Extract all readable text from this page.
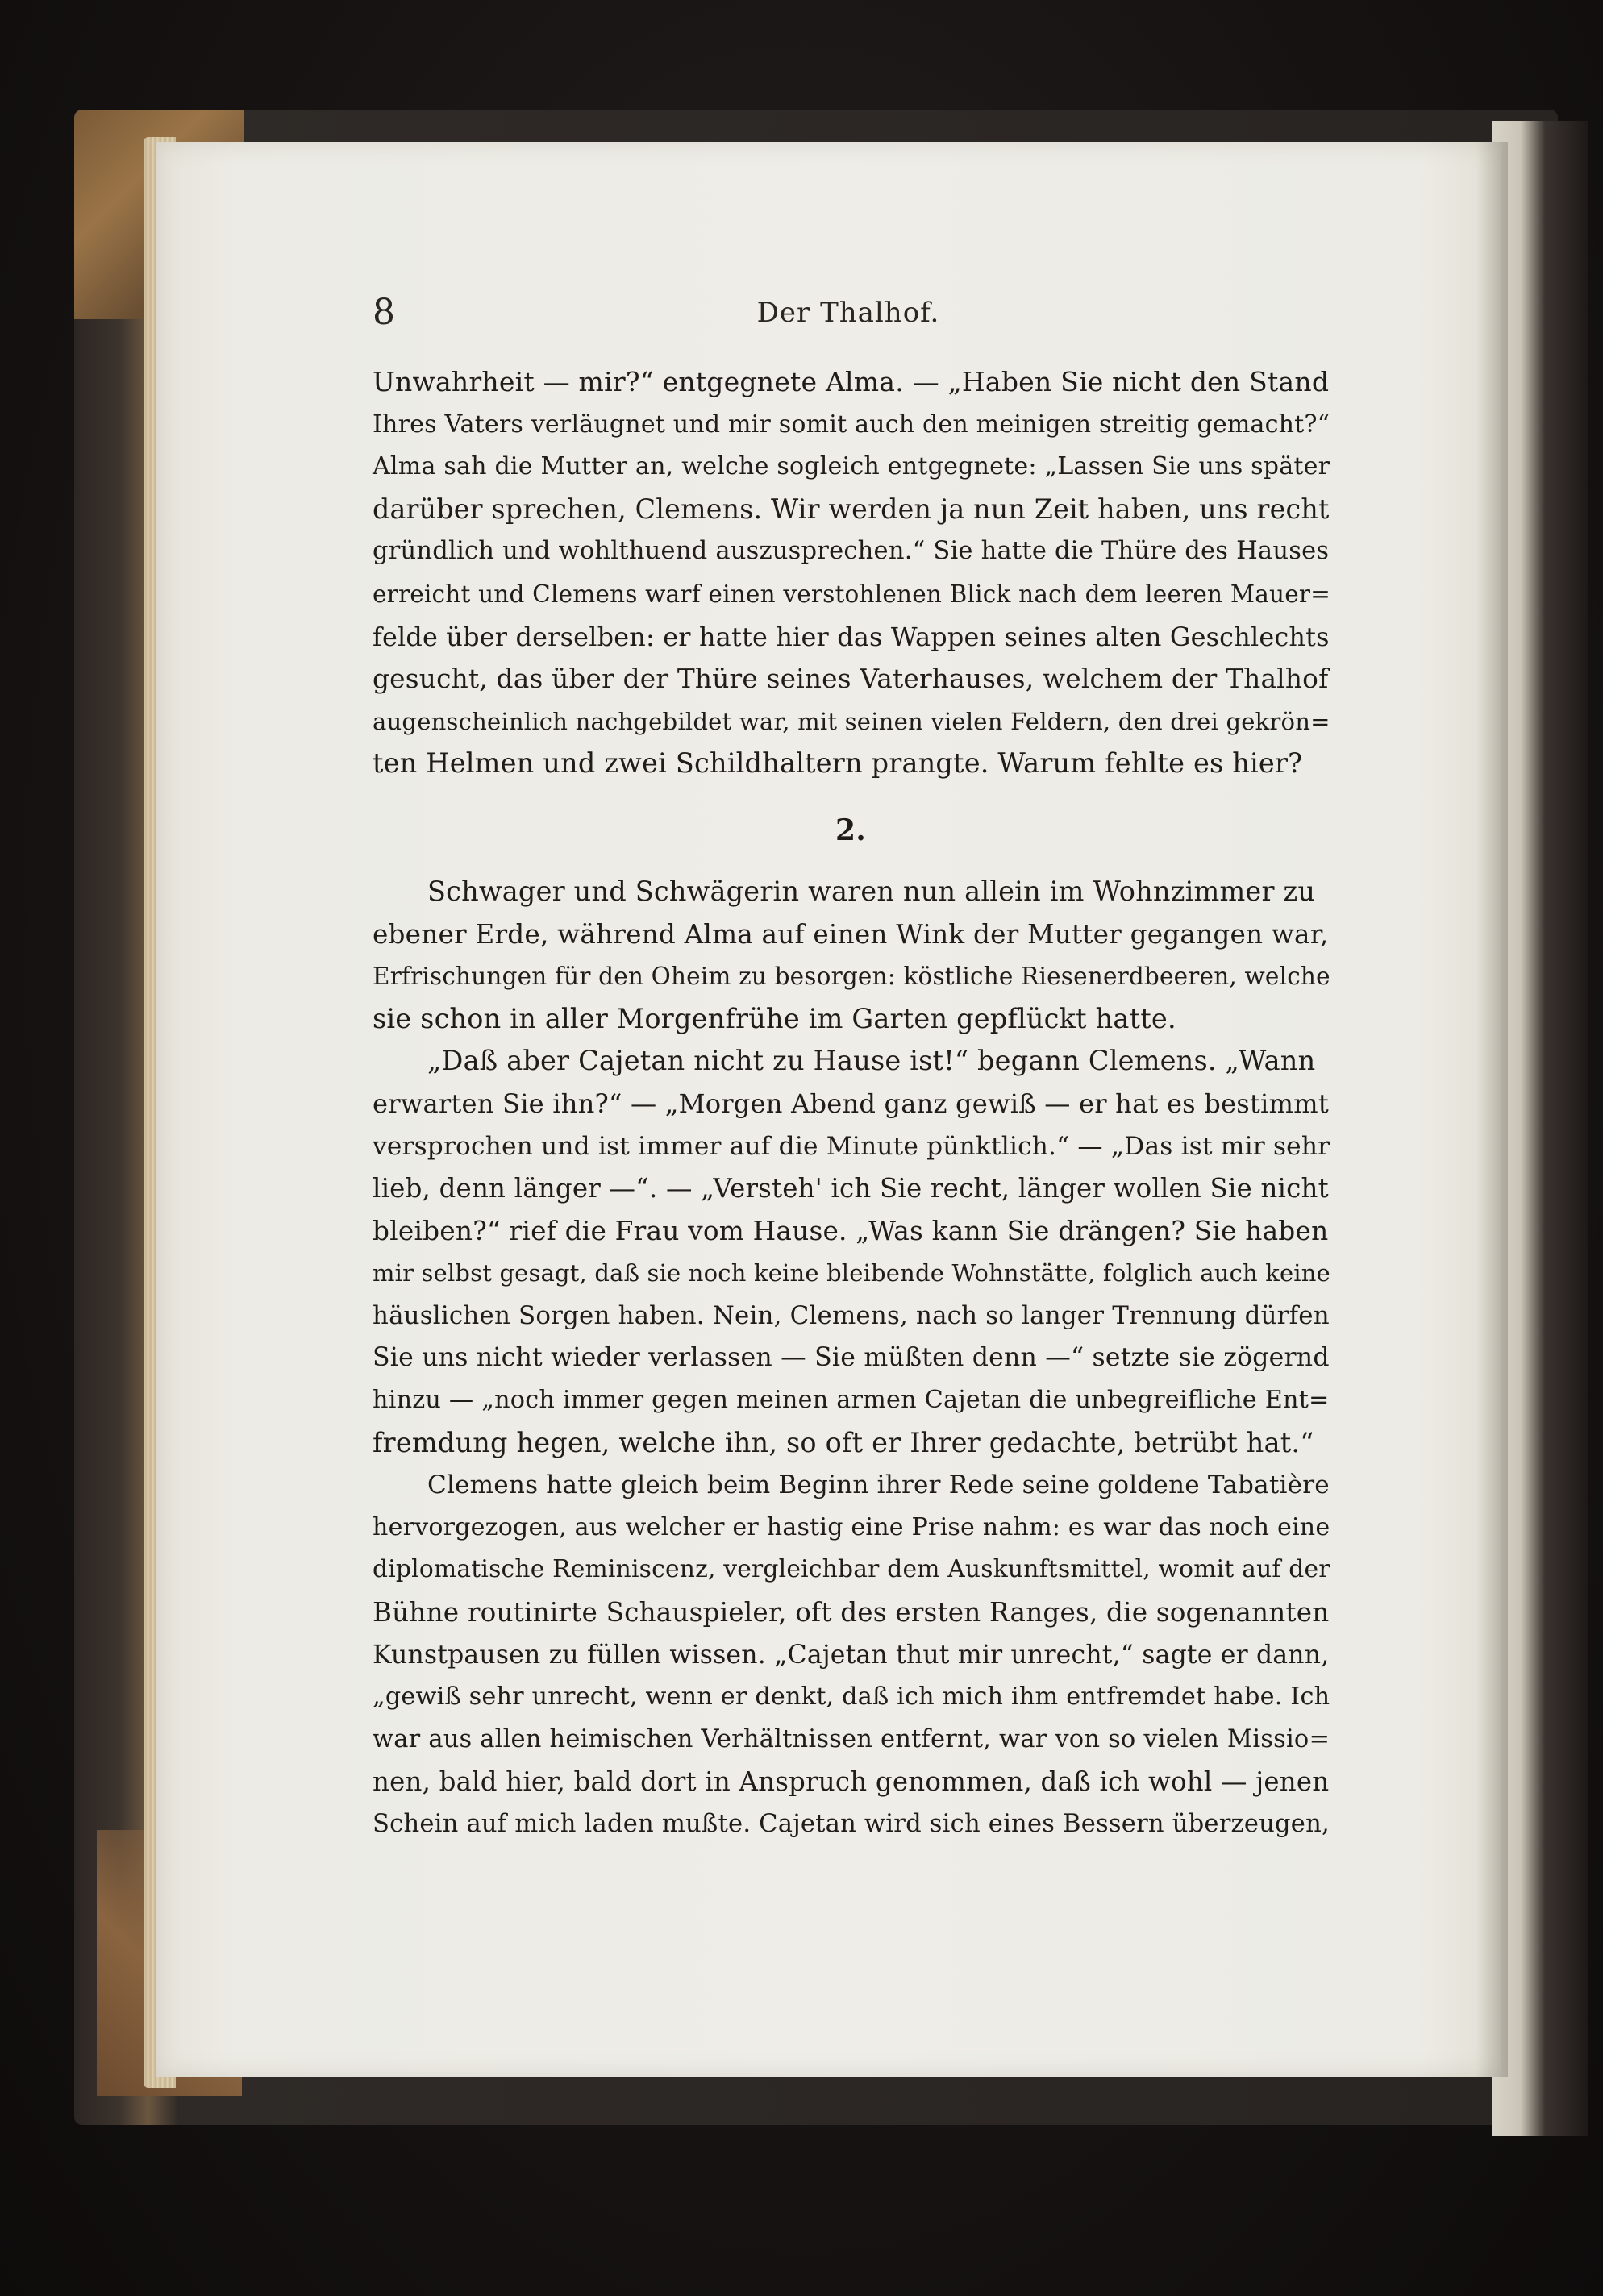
8	Der Thalhof.
Unwahrheit — mir?“ entgegnete Alma. — „Haben Sie nicht den Stand
Ihres Vaters verläugnet und mir somit auch den meinigen streitig gemacht?“
Alma sah die Mutter an, welche sogleich entgegnete: „Lassen Sie uns später
darüber sprechen, Clemens. Wir werden ja nun Zeit haben, uns recht
gründlich und wohlthuend auszusprechen.“ Sie hatte die Thüre des Hauses
erreicht und Clemens warf einen verstohlenen Blick nach dem leeren Mauer=
felde über derselben: er hatte hier das Wappen seines alten Geschlechts
gesucht, das über der Thüre seines Vaterhauses, welchem der Thalhof
augenscheinlich nachgebildet war, mit seinen vielen Feldern, den drei gekrön=
ten Helmen und zwei Schildhaltern prangte. Warum fehlte es hier?
2.
Schwager und Schwägerin waren nun allein im Wohnzimmer zu
ebener Erde, während Alma auf einen Wink der Mutter gegangen war,
Erfrischungen für den Oheim zu besorgen: köstliche Riesenerdbeeren, welche
sie schon in aller Morgenfrühe im Garten gepflückt hatte.
„Daß aber Cajetan nicht zu Hause ist!“ begann Clemens. „Wann
erwarten Sie ihn?“ — „Morgen Abend ganz gewiß — er hat es bestimmt
versprochen und ist immer auf die Minute pünktlich.“ — „Das ist mir sehr
lieb, denn länger —“. — „Versteh' ich Sie recht, länger wollen Sie nicht
bleiben?“ rief die Frau vom Hause. „Was kann Sie drängen? Sie haben
mir selbst gesagt, daß sie noch keine bleibende Wohnstätte, folglich auch keine
häuslichen Sorgen haben. Nein, Clemens, nach so langer Trennung dürfen
Sie uns nicht wieder verlassen — Sie müßten denn —“ setzte sie zögernd
hinzu — „noch immer gegen meinen armen Cajetan die unbegreifliche Ent=
fremdung hegen, welche ihn, so oft er Ihrer gedachte, betrübt hat.“
Clemens hatte gleich beim Beginn ihrer Rede seine goldene Tabatière
hervorgezogen, aus welcher er hastig eine Prise nahm: es war das noch eine
diplomatische Reminiscenz, vergleichbar dem Auskunftsmittel, womit auf der
Bühne routinirte Schauspieler, oft des ersten Ranges, die sogenannten
Kunstpausen zu füllen wissen. „Cajetan thut mir unrecht,“ sagte er dann,
„gewiß sehr unrecht, wenn er denkt, daß ich mich ihm entfremdet habe. Ich
war aus allen heimischen Verhältnissen entfernt, war von so vielen Missio=
nen, bald hier, bald dort in Anspruch genommen, daß ich wohl — jenen
Schein auf mich laden mußte. Cajetan wird sich eines Bessern überzeugen,
